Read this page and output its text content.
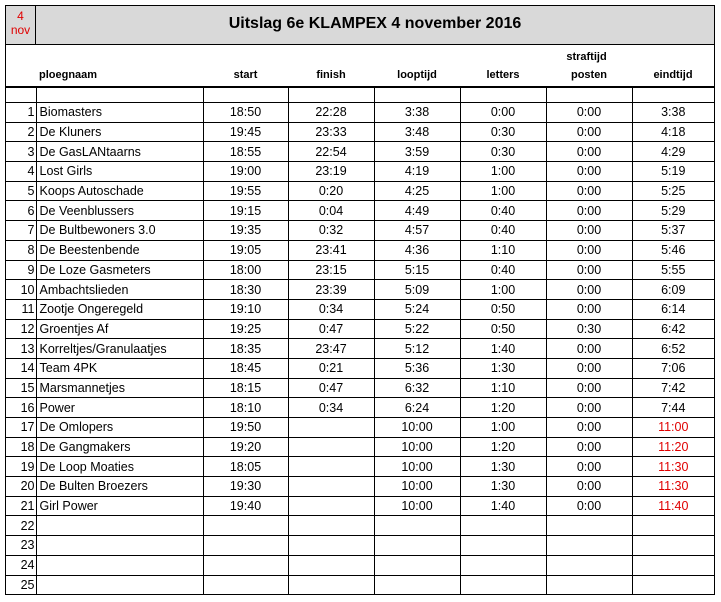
4
nov	Uitslag 6e KLAMPEX 4 november 2016
straftijd
ploegnaam	start	finish	looptijd	letters	posten	eindtijd

1	Biomasters	18:50	22:28	3:38	0:00	0:00	3:38
2	De Kluners	19:45	23:33	3:48	0:30	0:00	4:18
3	De GasLANtaarns	18:55	22:54	3:59	0:30	0:00	4:29
4	Lost Girls	19:00	23:19	4:19	1:00	0:00	5:19
5	Koops Autoschade	19:55	0:20	4:25	1:00	0:00	5:25
6	De Veenblussers	19:15	0:04	4:49	0:40	0:00	5:29
7	De Bultbewoners 3.0	19:35	0:32	4:57	0:40	0:00	5:37
8	De Beestenbende	19:05	23:41	4:36	1:10	0:00	5:46
9	De Loze Gasmeters	18:00	23:15	5:15	0:40	0:00	5:55
10	Ambachtslieden	18:30	23:39	5:09	1:00	0:00	6:09
11	Zootje Ongeregeld	19:10	0:34	5:24	0:50	0:00	6:14
12	Groentjes Af	19:25	0:47	5:22	0:50	0:30	6:42
13	Korreltjes/Granulaatjes	18:35	23:47	5:12	1:40	0:00	6:52
14	Team 4PK	18:45	0:21	5:36	1:30	0:00	7:06
15	Marsmannetjes	18:15	0:47	6:32	1:10	0:00	7:42
16	Power	18:10	0:34	6:24	1:20	0:00	7:44
17	De Omlopers	19:50		10:00	1:00	0:00	11:00
18	De Gangmakers	19:20		10:00	1:20	0:00	11:20
19	De Loop Moaties	18:05		10:00	1:30	0:00	11:30
20	De Bulten Broezers	19:30		10:00	1:30	0:00	11:30
21	Girl Power	19:40		10:00	1:40	0:00	11:40
22							
23							
24							
25							
